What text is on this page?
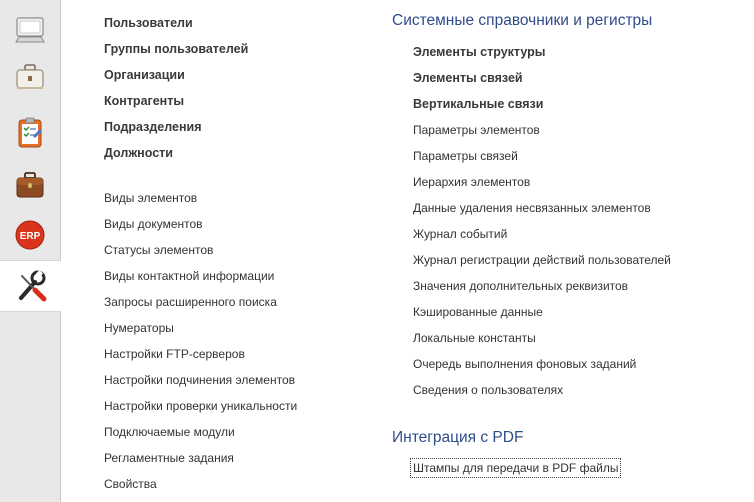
ERP
Пользователи
Группы пользователей
Организации
Контрагенты
Подразделения
Должности
Виды элементов
Виды документов
Статусы элементов
Виды контактной информации
Запросы расширенного поиска
Нумераторы
Настройки FTP-серверов
Настройки подчинения элементов
Настройки проверки уникальности
Подключаемые модули
Регламентные задания
Свойства
Системные справочники и регистры
Элементы структуры
Элементы связей
Вертикальные связи
Параметры элементов
Параметры связей
Иерархия элементов
Данные удаления несвязанных элементов
Журнал событий
Журнал регистрации действий пользователей
Значения дополнительных реквизитов
Кэшированные данные
Локальные константы
Очередь выполнения фоновых заданий
Сведения о пользователях
Интеграция с PDF
Штампы для передачи в PDF файлы
